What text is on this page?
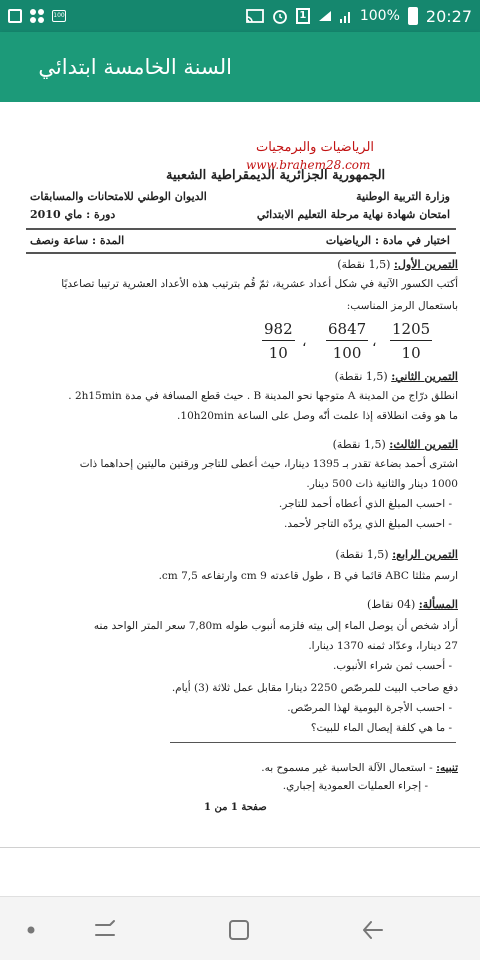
100	1	100% 20:27
السنة الخامسة ابتدائي
الرياضيات والبرمجيات
www.brahem28.com
الجمهورية الجزائرية الديمقراطية الشعبية
وزارة التربية الوطنية
الديوان الوطني للامتحانات والمسابقات
امتحان شهادة نهاية مرحلة التعليم الابتدائي
دورة : ماي 2010
اختبار في مادة : الرياضيات
المدة : ساعة ونصف
التمرين الأول: (1,5 نقطة)
أكتب الكسور الآتية في شكل أعداد عشرية، ثمّ قُم بترتيب هذه الأعداد العشرية ترتيبا تصاعديًا
باستعمال الرمز المناسب:
$\frac{1205}{10}$
،
$\frac{6847}{100}$
،
$\frac{982}{10}$
التمرين الثاني: (1,5 نقطة)
انطلق درّاج من المدينة A متوجها نحو المدينة B . حيث قطع المسافة في مدة 2h15min .
ما هو وقت انطلاقه إذا علمت أنّه وصل على الساعة 10h20min.
التمرين الثالث: (1,5 نقطة)
اشترى أحمد بضاعة تقدر بـ 1395 دينارا، حيث أعطى للتاجر ورقتين ماليتين إحداهما ذات
1000 دينار والثانية ذات 500 دينار.
- احسب المبلغ الذي أعطاه أحمد للتاجر.
- احسب المبلغ الذي يردّه التاجر لأحمد.
التمرين الرابع: (1,5 نقطة)
ارسم مثلثا ABC قائما في B ، طول قاعدته 9 cm وارتفاعه 7,5 cm.
المسألة: (04 نقاط)
أراد شخص أن يوصل الماء إلى بيته فلزمه أنبوب طوله 7,80m سعر المتر الواحد منه
27 دينارا، وعدّاد ثمنه 1370 دينارا.
- أحسب ثمن شراء الأنبوب.
دفع صاحب البيت للمرصّص 2250 دينارا مقابل عمل ثلاثة (3) أيام.
- احسب الأجرة اليومية لهذا المرصّص.
- ما هي كلفة إيصال الماء للبيت؟
تنبيه: - استعمال الآلة الحاسبة غير مسموح به.
- إجراء العمليات العمودية إجباري.
صفحة 1 من 1
